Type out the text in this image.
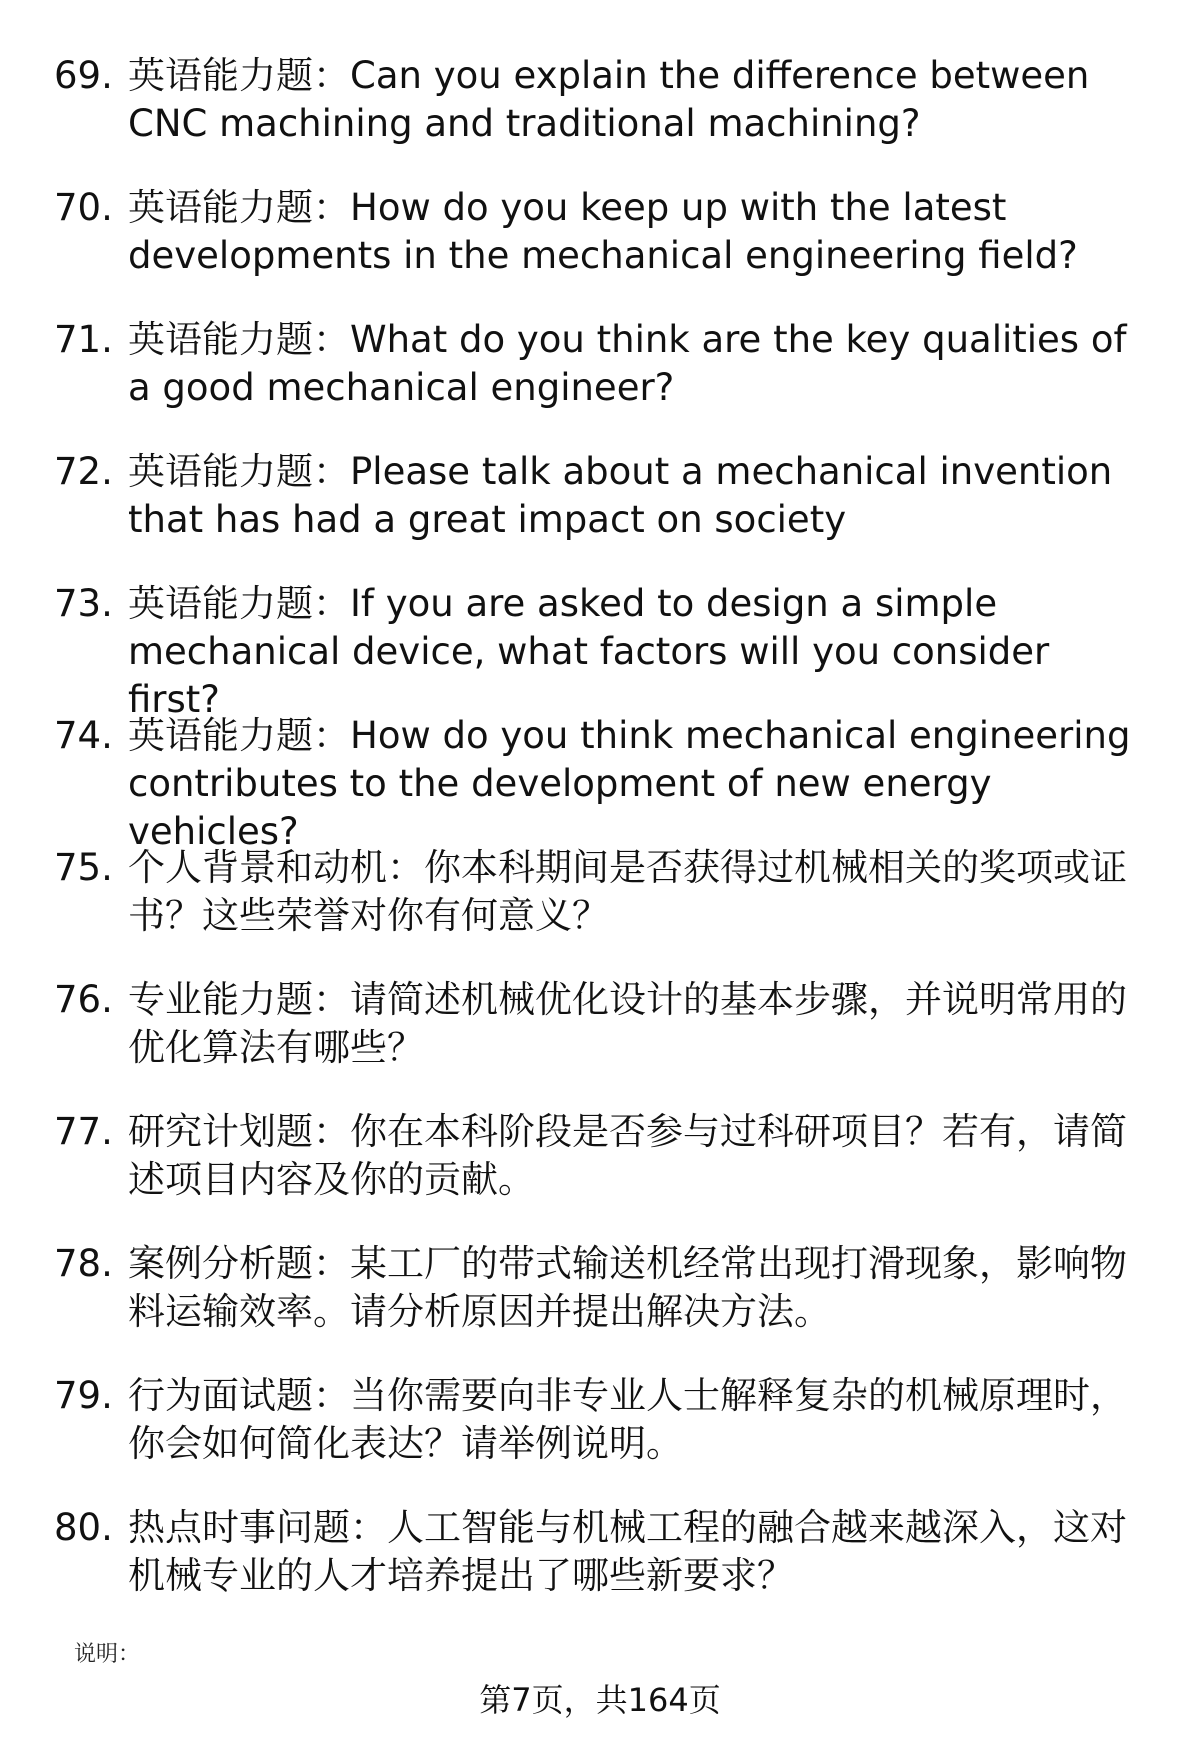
69. 英语能力题：Can you explain the difference between CNC machining and traditional machining?
70. 英语能力题：How do you keep up with the latest developments in the mechanical engineering field?
71. 英语能力题：What do you think are the key qualities of a good mechanical engineer?
72. 英语能力题：Please talk about a mechanical invention that has had a great impact on society
73. 英语能力题：If you are asked to design a simple mechanical device, what factors will you consider first?
74. 英语能力题：How do you think mechanical engineering contributes to the development of new energy vehicles?
75. 个人背景和动机：你本科期间是否获得过机械相关的奖项或证书？这些荣誉对你有何意义？
76. 专业能力题：请简述机械优化设计的基本步骤，并说明常用的优化算法有哪些？
77. 研究计划题：你在本科阶段是否参与过科研项目？若有，请简述项目内容及你的贡献。
78. 案例分析题：某工厂的带式输送机经常出现打滑现象，影响物料运输效率。请分析原因并提出解决方法。
79. 行为面试题：当你需要向非专业人士解释复杂的机械原理时，你会如何简化表达？请举例说明。
80. 热点时事问题：人工智能与机械工程的融合越来越深入，这对机械专业的人才培养提出了哪些新要求？
说明：
第7页，共164页
